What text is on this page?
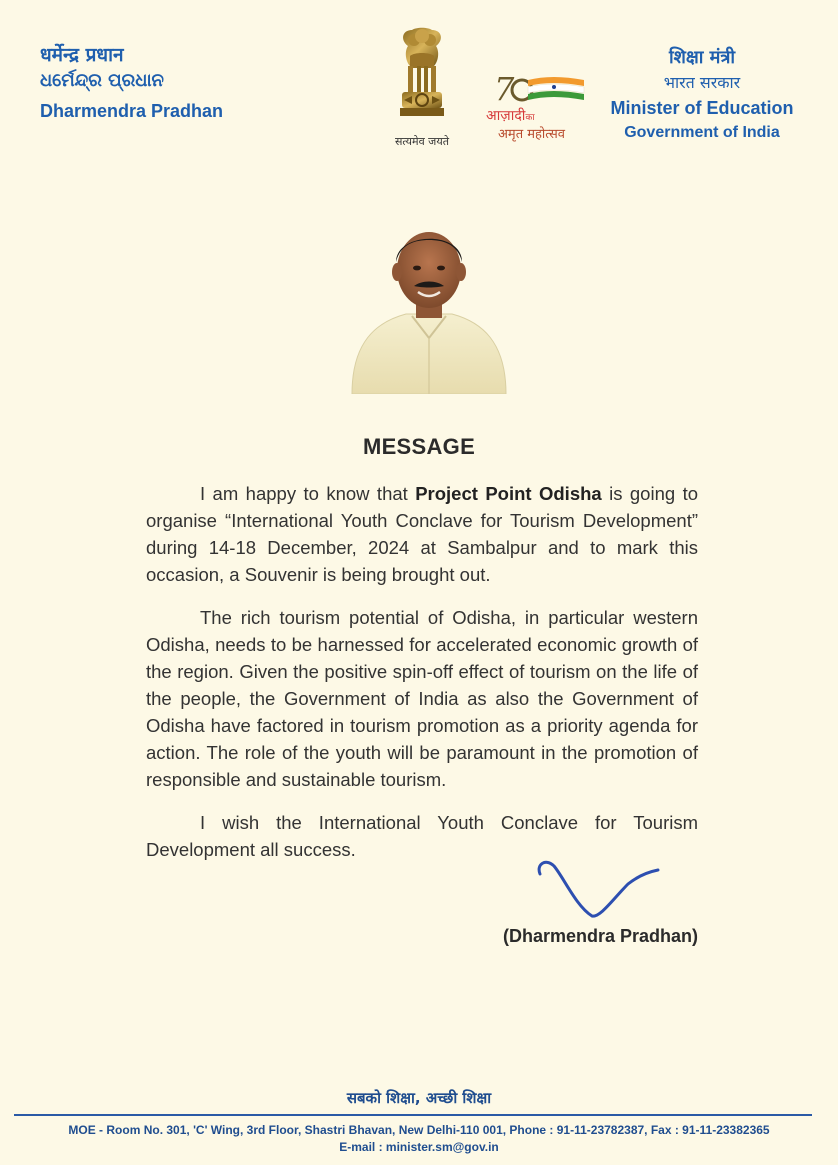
धर्मेन्द्र प्रधान
ଧର୍ମେନ୍ଦ୍ର ପ୍ରଧାନ
Dharmendra Pradhan
सत्यमेव जयते
7
आज़ादीका
अमृत महोत्सव
शिक्षा मंत्री
भारत सरकार
Minister of Education
Government of India
MESSAGE

I am happy to know that Project Point Odisha is going to organise “International Youth Conclave for Tourism Development” during 14-18 December, 2024 at Sambalpur and to mark this occasion, a Souvenir is being brought out.

The rich tourism potential of Odisha, in particular western Odisha, needs to be harnessed for accelerated economic growth of the region. Given the positive spin-off effect of tourism on the life of the people, the Government of India as also the Government of Odisha have factored in tourism promotion as a priority agenda for action. The role of the youth will be paramount in the promotion of responsible and sustainable tourism.

I wish the International Youth Conclave for Tourism Development all success.

(Dharmendra Pradhan)
सबको शिक्षा, अच्छी शिक्षा
MOE - Room No. 301, 'C' Wing, 3rd Floor, Shastri Bhavan, New Delhi-110 001, Phone : 91-11-23782387, Fax : 91-11-23382365
E-mail : minister.sm@gov.in
